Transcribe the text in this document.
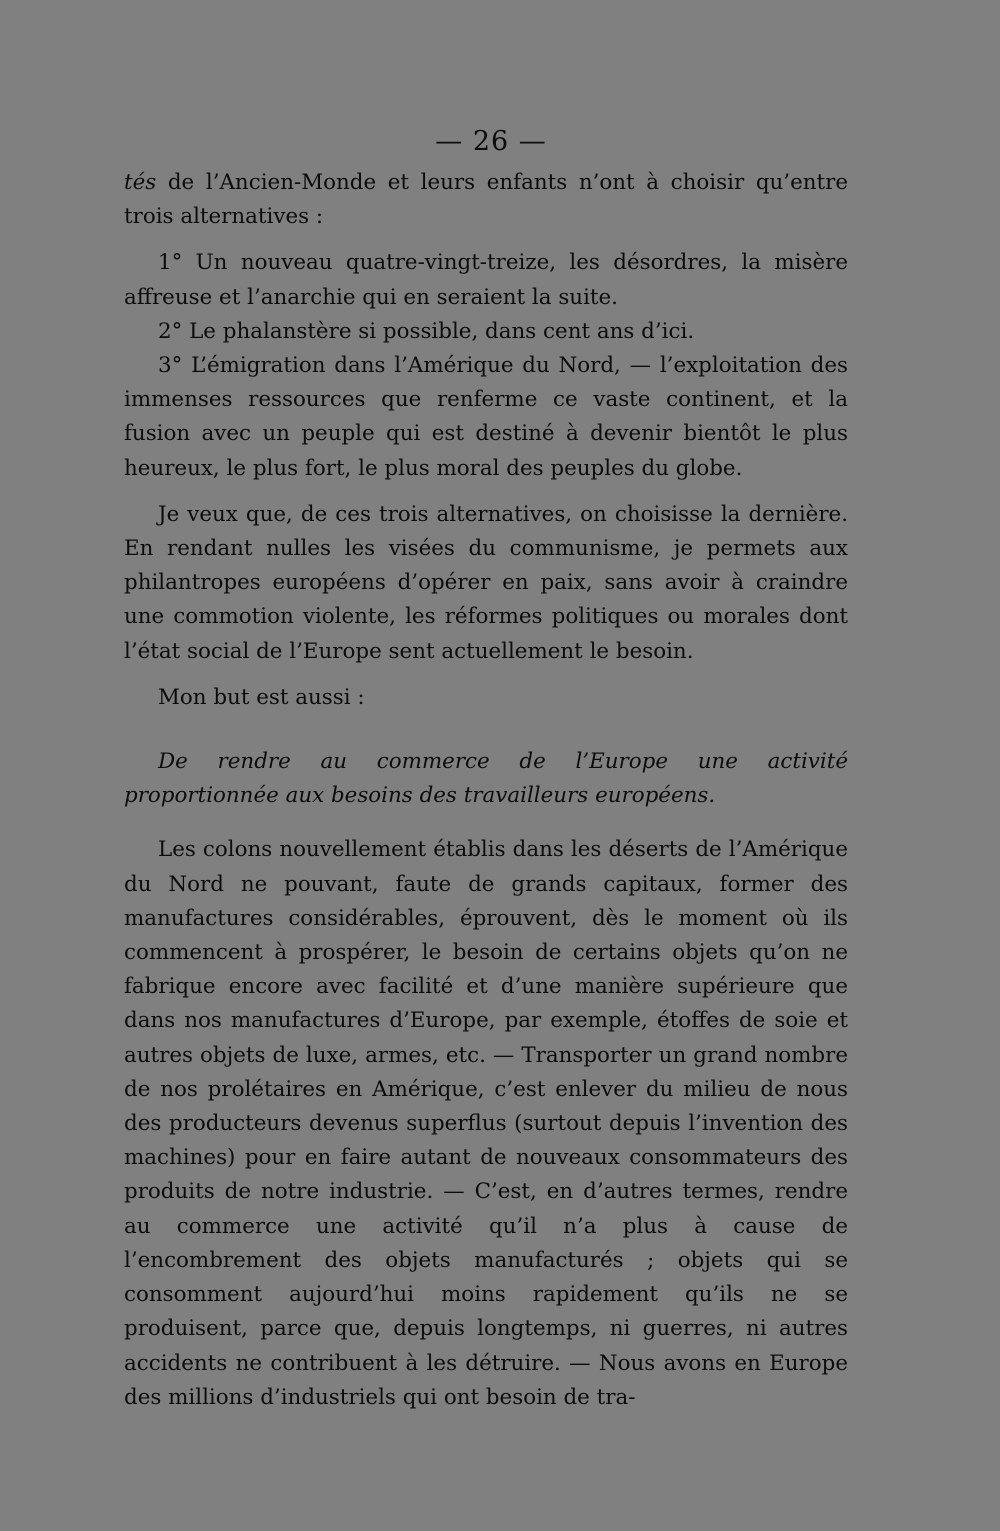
— 26 —

tés de l’Ancien-Monde et leurs enfants n’ont à choisir qu’entre trois alternatives :

1° Un nouveau quatre-vingt-treize, les désordres, la misère affreuse et l’anarchie qui en seraient la suite.

2° Le phalanstère si possible, dans cent ans d’ici.

3° L’émigration dans l’Amérique du Nord, — l’exploitation des immenses ressources que renferme ce vaste continent, et la fusion avec un peuple qui est destiné à devenir bientôt le plus heureux, le plus fort, le plus moral des peuples du globe.

Je veux que, de ces trois alternatives, on choisisse la dernière. En rendant nulles les visées du communisme, je permets aux philantropes européens d’opérer en paix, sans avoir à craindre une commotion violente, les réformes politiques ou morales dont l’état social de l’Europe sent actuellement le besoin.

Mon but est aussi :

De rendre au commerce de l’Europe une activité proportionnée aux besoins des travailleurs européens.

Les colons nouvellement établis dans les déserts de l’Amérique du Nord ne pouvant, faute de grands capitaux, former des manufactures considérables, éprouvent, dès le moment où ils commencent à prospérer, le besoin de certains objets qu’on ne fabrique encore avec facilité et d’une manière supérieure que dans nos manufactures d’Europe, par exemple, étoffes de soie et autres objets de luxe, armes, etc. — Transporter un grand nombre de nos prolétaires en Amérique, c’est enlever du milieu de nous des producteurs devenus superflus (surtout depuis l’invention des machines) pour en faire autant de nouveaux consommateurs des produits de notre industrie. — C’est, en d’autres termes, rendre au commerce une activité qu’il n’a plus à cause de l’encombrement des objets manufacturés ; objets qui se consomment aujourd’hui moins rapidement qu’ils ne se produisent, parce que, depuis longtemps, ni guerres, ni autres accidents ne contribuent à les détruire. — Nous avons en Europe des millions d’industriels qui ont besoin de tra-
